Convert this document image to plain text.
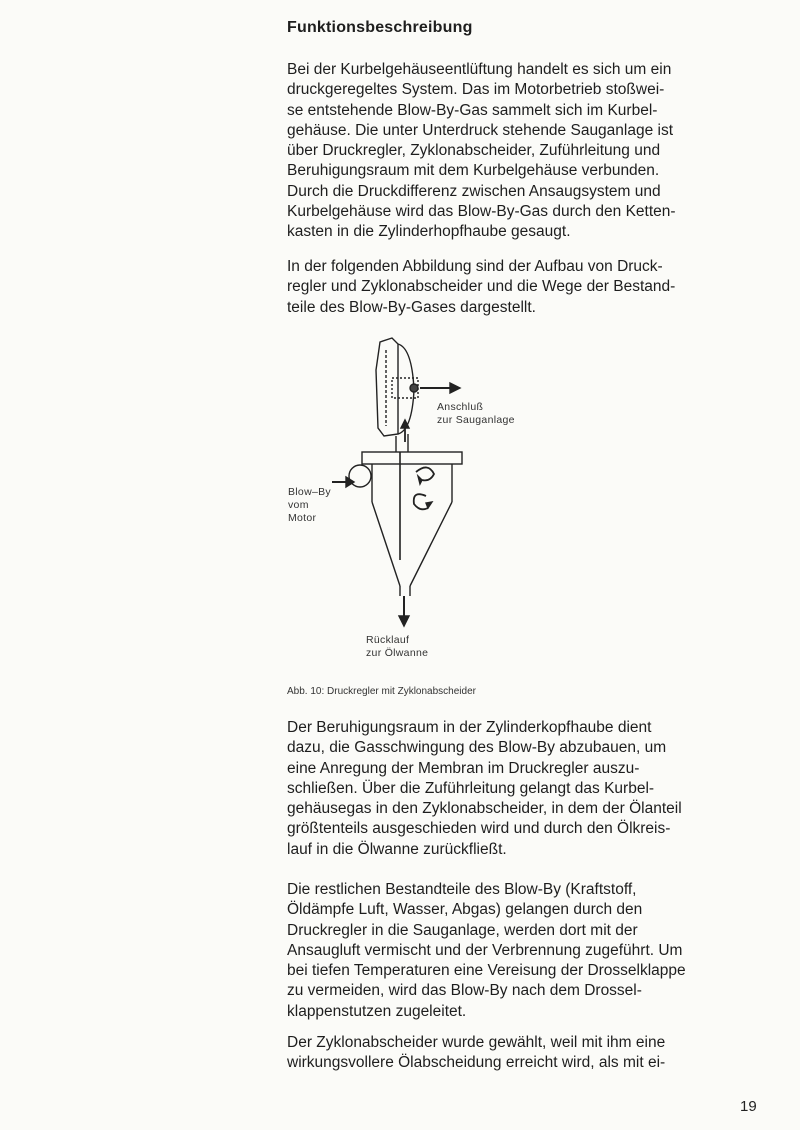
Funktionsbeschreibung

Bei der Kurbelgehäuseentlüftung handelt es sich um ein
druckgeregeltes System. Das im Motorbetrieb stoßwei-
se entstehende Blow-By-Gas sammelt sich im Kurbel-
gehäuse. Die unter Unterdruck stehende Sauganlage ist
über Druckregler, Zyklonabscheider, Zuführleitung und
Beruhigungsraum mit dem Kurbelgehäuse verbunden.
Durch die Druckdifferenz zwischen Ansaugsystem und
Kurbelgehäuse wird das Blow-By-Gas durch den Ketten-
kasten in die Zylinderhopfhaube gesaugt.

In der folgenden Abbildung sind der Aufbau von Druck-
regler und Zyklonabscheider und die Wege der Bestand-
teile des Blow-By-Gases dargestellt.

Anschluß
zur Sauganlage
Blow–By
vom
Motor
Rücklauf
zur Ölwanne

Abb. 10: Druckregler mit Zyklonabscheider

Der Beruhigungsraum in der Zylinderkopfhaube dient
dazu, die Gasschwingung des Blow-By abzubauen, um
eine Anregung der Membran im Druckregler auszu-
schließen. Über die Zuführleitung gelangt das Kurbel-
gehäusegas in den Zyklonabscheider, in dem der Ölanteil
größtenteils ausgeschieden wird und durch den Ölkreis-
lauf in die Ölwanne zurückfließt.

Die restlichen Bestandteile des Blow-By (Kraftstoff,
Öldämpfe Luft, Wasser, Abgas) gelangen durch den
Druckregler in die Sauganlage, werden dort mit der
Ansaugluft vermischt und der Verbrennung zugeführt. Um
bei tiefen Temperaturen eine Vereisung der Drosselklappe
zu vermeiden, wird das Blow-By nach dem Drossel-
klappenstutzen zugeleitet.

Der Zyklonabscheider wurde gewählt, weil mit ihm eine
wirkungsvollere Ölabscheidung erreicht wird, als mit ei-

19
